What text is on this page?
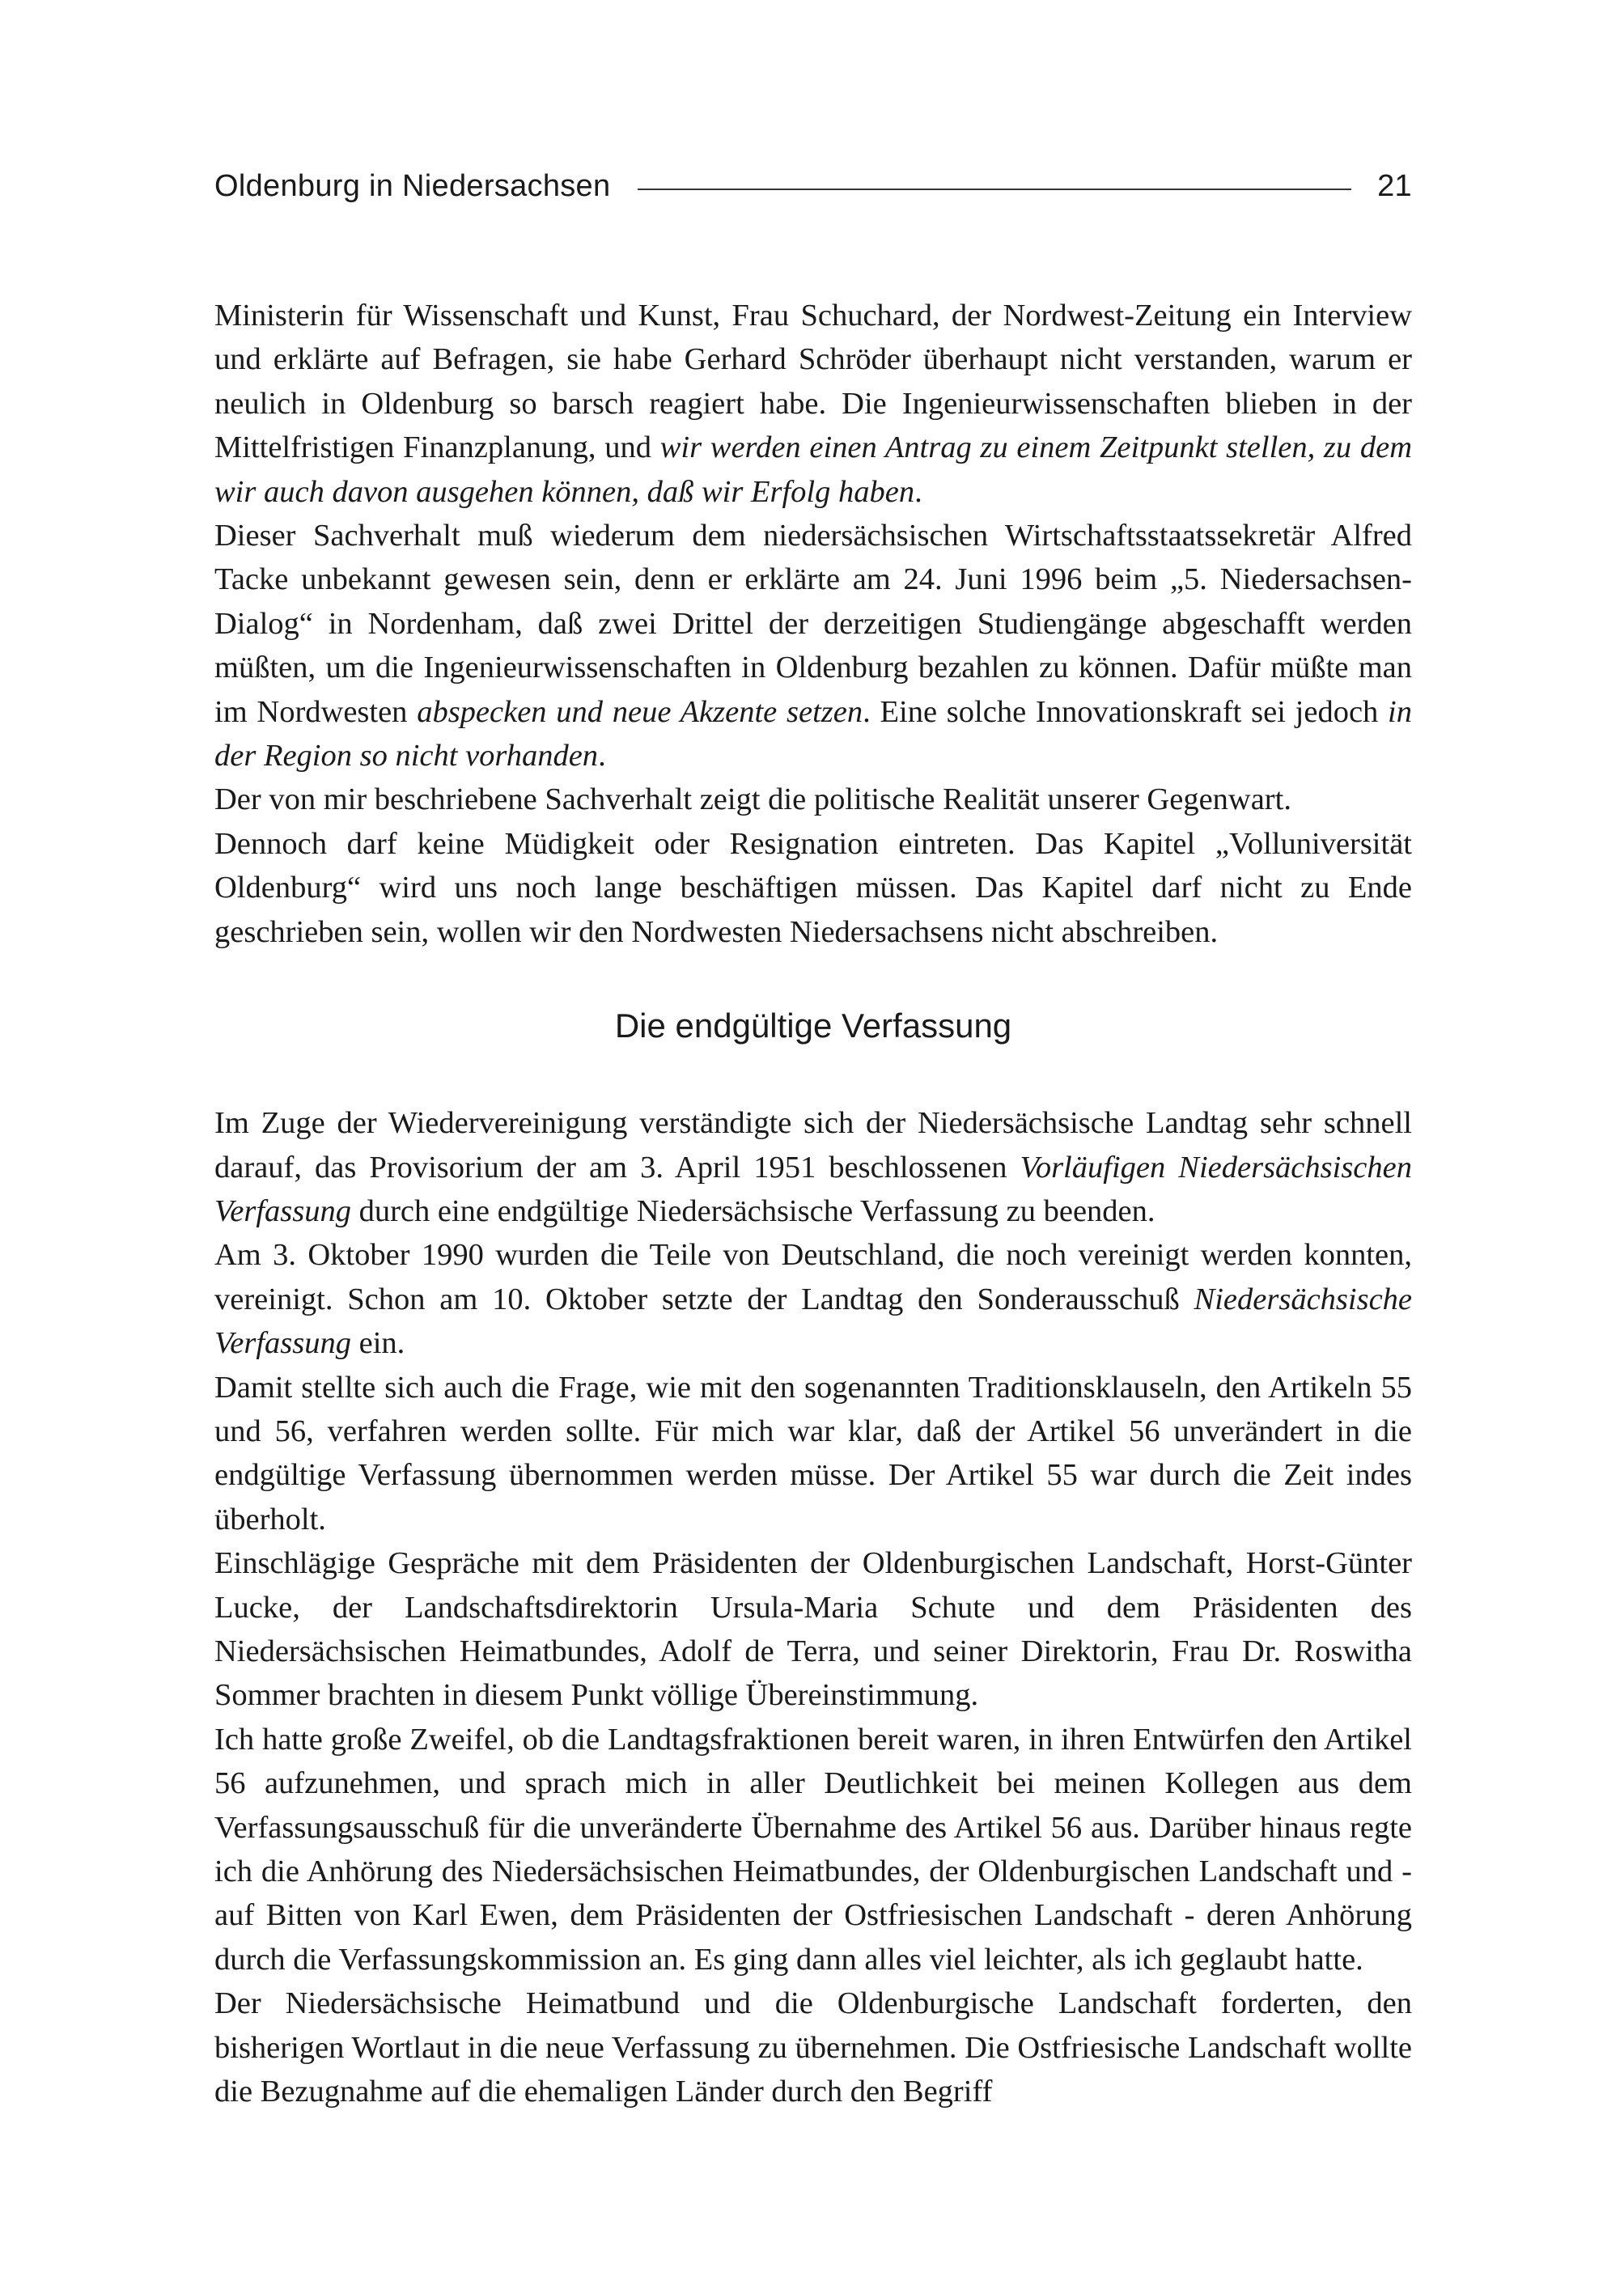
Oldenburg in Niedersachsen	21

Ministerin für Wissenschaft und Kunst, Frau Schuchard, der Nordwest-Zeitung ein Interview und erklärte auf Befragen, sie habe Gerhard Schröder überhaupt nicht verstanden, warum er neulich in Oldenburg so barsch reagiert habe. Die Ingenieurwissenschaften blieben in der Mittelfristigen Finanzplanung, und wir werden einen Antrag zu einem Zeitpunkt stellen, zu dem wir auch davon ausgehen können, daß wir Erfolg haben.

Dieser Sachverhalt muß wiederum dem niedersächsischen Wirtschaftsstaatssekretär Alfred Tacke unbekannt gewesen sein, denn er erklärte am 24. Juni 1996 beim „5. Niedersachsen-Dialog“ in Nordenham, daß zwei Drittel der derzeitigen Studiengänge abgeschafft werden müßten, um die Ingenieurwissenschaften in Oldenburg bezahlen zu können. Dafür müßte man im Nordwesten abspecken und neue Akzente setzen. Eine solche Innovationskraft sei jedoch in der Region so nicht vorhanden.

Der von mir beschriebene Sachverhalt zeigt die politische Realität unserer Gegenwart.

Dennoch darf keine Müdigkeit oder Resignation eintreten. Das Kapitel „Volluniversität Oldenburg“ wird uns noch lange beschäftigen müssen. Das Kapitel darf nicht zu Ende geschrieben sein, wollen wir den Nordwesten Niedersachsens nicht abschreiben.

Die endgültige Verfassung

Im Zuge der Wiedervereinigung verständigte sich der Niedersächsische Landtag sehr schnell darauf, das Provisorium der am 3. April 1951 beschlossenen Vorläufigen Niedersächsischen Verfassung durch eine endgültige Niedersächsische Verfassung zu beenden.

Am 3. Oktober 1990 wurden die Teile von Deutschland, die noch vereinigt werden konnten, vereinigt. Schon am 10. Oktober setzte der Landtag den Sonderausschuß Niedersächsische Verfassung ein.

Damit stellte sich auch die Frage, wie mit den sogenannten Traditionsklauseln, den Artikeln 55 und 56, verfahren werden sollte. Für mich war klar, daß der Artikel 56 unverändert in die endgültige Verfassung übernommen werden müsse. Der Artikel 55 war durch die Zeit indes überholt.

Einschlägige Gespräche mit dem Präsidenten der Oldenburgischen Landschaft, Horst-Günter Lucke, der Landschaftsdirektorin Ursula-Maria Schute und dem Präsidenten des Niedersächsischen Heimatbundes, Adolf de Terra, und seiner Direktorin, Frau Dr. Roswitha Sommer brachten in diesem Punkt völlige Übereinstimmung.

Ich hatte große Zweifel, ob die Landtagsfraktionen bereit waren, in ihren Entwürfen den Artikel 56 aufzunehmen, und sprach mich in aller Deutlichkeit bei meinen Kollegen aus dem Verfassungsausschuß für die unveränderte Übernahme des Artikel 56 aus. Darüber hinaus regte ich die Anhörung des Niedersächsischen Heimatbundes, der Oldenburgischen Landschaft und - auf Bitten von Karl Ewen, dem Präsidenten der Ostfriesischen Landschaft - deren Anhörung durch die Verfassungskommission an. Es ging dann alles viel leichter, als ich geglaubt hatte.

Der Niedersächsische Heimatbund und die Oldenburgische Landschaft forderten, den bisherigen Wortlaut in die neue Verfassung zu übernehmen. Die Ostfriesische Landschaft wollte die Bezugnahme auf die ehemaligen Länder durch den Begriff
